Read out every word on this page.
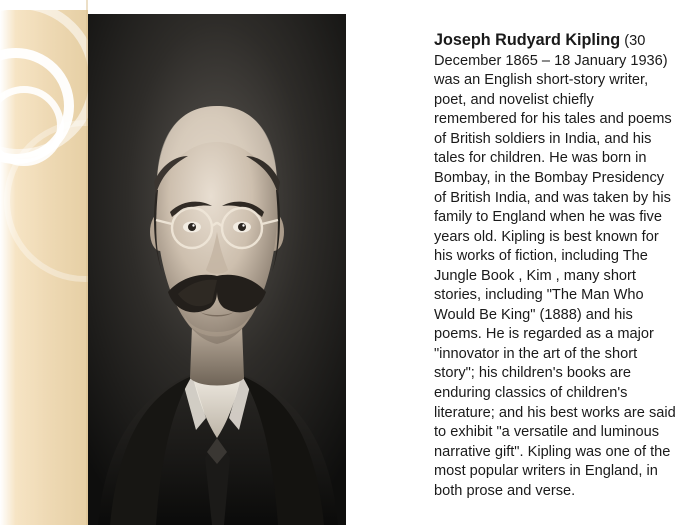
Joseph Rudyard Kipling (30 December 1865 – 18 January 1936) was an English short-story writer, poet, and novelist chiefly remembered for his tales and poems of British soldiers in India, and his tales for children. He was born in Bombay, in the Bombay Presidency of British India, and was taken by his family to England when he was five years old. Kipling is best known for his works of fiction, including The Jungle Book , Kim , many short stories, including "The Man Who Would Be King" (1888) and his poems. He is regarded as a major "innovator in the art of the short story"; his children's books are enduring classics of children's literature; and his best works are said to exhibit "a versatile and luminous narrative gift". Kipling was one of the most popular writers in England, in both prose and verse.
